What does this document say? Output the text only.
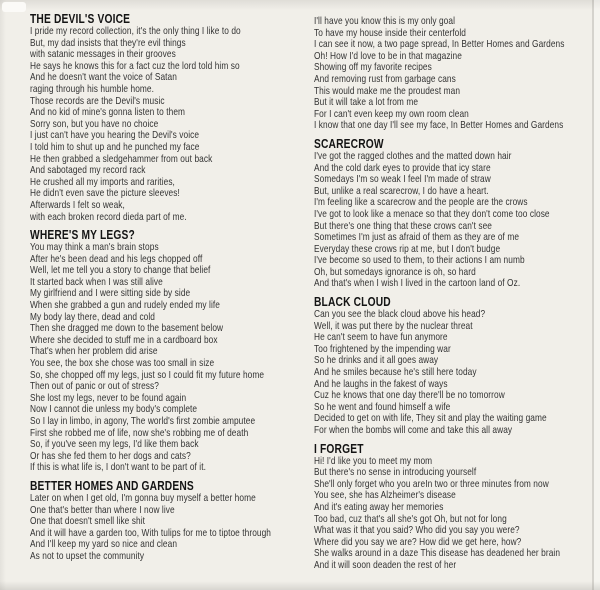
THE DEVIL'S VOICE
I pride my record collection, it's the only thing I like to do
But, my dad insists that they're evil things
with satanic messages in their grooves
He says he knows this for a fact cuz the lord told him so
And he doesn't want the voice of Satan
raging through his humble home.
Those records are the Devil's music
And no kid of mine's gonna listen to them
Sorry son, but you have no choice
I just can't have you hearing the Devil's voice
I told him to shut up and he punched my face
He then grabbed a sledgehammer from out back
And sabotaged my record rack
He crushed all my imports and rarities,
He didn't even save the picture sleeves!
Afterwards I felt so weak,
with each broken record dieda part of me.
WHERE'S MY LEGS?
You may think a man's brain stops
After he's been dead and his legs chopped off
Well, let me tell you a story to change that belief
It started back when I was still alive
My girlfriend and I were sitting side by side
When she grabbed a gun and rudely ended my life
My body lay there, dead and cold
Then she dragged me down to the basement below
Where she decided to stuff me in a cardboard box
That's when her problem did arise
You see, the box she chose was too small in size
So, she chopped off my legs, just so I could fit my future home
Then out of panic or out of stress?
She lost my legs, never to be found again
Now I cannot die unless my body's complete
So I lay in limbo, in agony, The world's first zombie amputee
First she robbed me of life, now she's robbing me of death
So, if you've seen my legs, I'd like them back
Or has she fed them to her dogs and cats?
If this is what life is, I don't want to be part of it.
BETTER HOMES AND GARDENS
Later on when I get old, I'm gonna buy myself a better home
One that's better than where I now live
One that doesn't smell like shit
And it will have a garden too, With tulips for me to tiptoe through
And I'll keep my yard so nice and clean
As not to upset the community
I'll have you know this is my only goal
To have my house inside their centerfold
I can see it now, a two page spread, In Better Homes and Gardens
Oh! How I'd love to be in that magazine
Showing off my favorite recipes
And removing rust from garbage cans
This would make me the proudest man
But it will take a lot from me
For I can't even keep my own room clean
I know that one day I'll see my face, In Better Homes and Gardens
SCARECROW
I've got the ragged clothes and the matted down hair
And the cold dark eyes to provide that icy stare
Somedays I'm so weak I feel I'm made of straw
But, unlike a real scarecrow, I do have a heart.
I'm feeling like a scarecrow and the people are the crows
I've got to look like a menace so that they don't come too close
But there's one thing that these crows can't see
Sometimes I'm just as afraid of them as they are of me
Everyday these crows rip at me, but I don't budge
I've become so used to them, to their actions I am numb
Oh, but somedays ignorance is oh, so hard
And that's when I wish I lived in the cartoon land of Oz.
BLACK CLOUD
Can you see the black cloud above his head?
Well, it was put there by the nuclear threat
He can't seem to have fun anymore
Too frightened by the impending war
So he drinks and it all goes away
And he smiles because he's still here today
And he laughs in the fakest of ways
Cuz he knows that one day there'll be no tomorrow
So he went and found himself a wife
Decided to get on with life, They sit and play the waiting game
For when the bombs will come and take this all away
I FORGET
Hi! I'd like you to meet my mom
But there's no sense in introducing yourself
She'll only forget who you areIn two or three minutes from now
You see, she has Alzheimer's disease
And it's eating away her memories
Too bad, cuz that's all she's got Oh, but not for long
What was it that you said? Who did you say you were?
Where did you say we are? How did we get here, how?
She walks around in a daze This disease has deadened her brain
And it will soon deaden the rest of her
